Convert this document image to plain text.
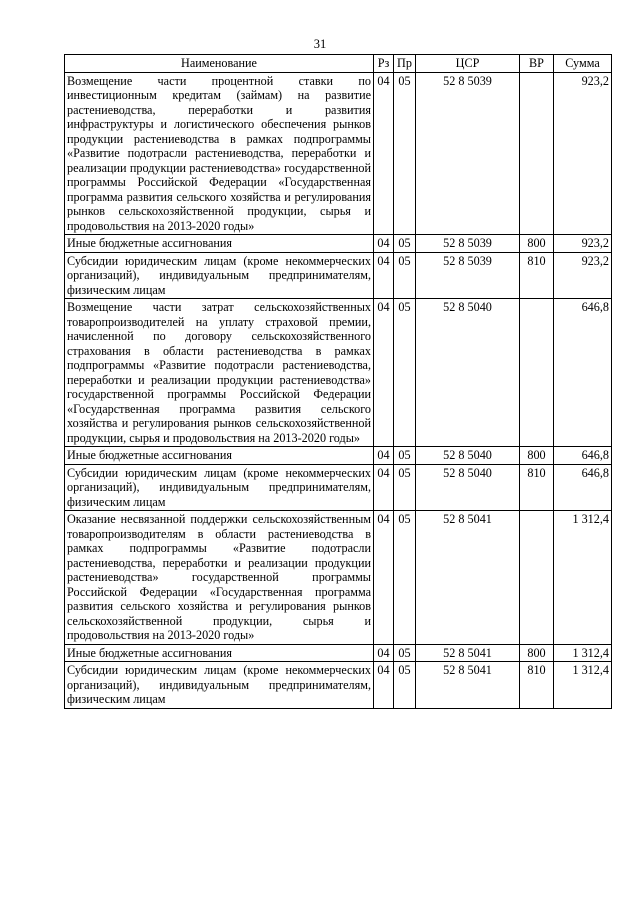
31
Наименование	Рз	Пр	ЦСР	ВР	Сумма
Возмещение части процентной ставки по инвестиционным кредитам (займам) на развитие растениеводства, переработки и развития инфраструктуры и логистического обеспечения рынков продукции растениеводства в рамках подпрограммы «Развитие подотрасли растениеводства, переработки и реализации продукции растениеводства» государственной программы Российской Федерации «Государственная программа развития сельского хозяйства и регулирования рынков сельскохозяйственной продукции, сырья и продовольствия на 2013-2020 годы»	04	05	52 8 5039		923,2
Иные бюджетные ассигнования	04	05	52 8 5039	800	923,2
Субсидии юридическим лицам (кроме некоммерческих организаций), индивидуальным предпринимателям, физическим лицам	04	05	52 8 5039	810	923,2
Возмещение части затрат сельскохозяйственных товаропроизводителей на уплату страховой премии, начисленной по договору сельскохозяйственного страхования в области растениеводства в рамках подпрограммы «Развитие подотрасли растениеводства, переработки и реализации продукции растениеводства» государственной программы Российской Федерации «Государственная программа развития сельского хозяйства и регулирования рынков сельскохозяйственной продукции, сырья и продовольствия на 2013-2020 годы»	04	05	52 8 5040		646,8
Иные бюджетные ассигнования	04	05	52 8 5040	800	646,8
Субсидии юридическим лицам (кроме некоммерческих организаций), индивидуальным предпринимателям, физическим лицам	04	05	52 8 5040	810	646,8
Оказание несвязанной поддержки сельскохозяйственным товаропроизводителям в области растениеводства в рамках подпрограммы «Развитие подотрасли растениеводства, переработки и реализации продукции растениеводства» государственной программы Российской Федерации «Государственная программа развития сельского хозяйства и регулирования рынков сельскохозяйственной продукции, сырья и продовольствия на 2013-2020 годы»	04	05	52 8 5041		1 312,4
Иные бюджетные ассигнования	04	05	52 8 5041	800	1 312,4
Субсидии юридическим лицам (кроме некоммерческих организаций), индивидуальным предпринимателям, физическим лицам	04	05	52 8 5041	810	1 312,4
